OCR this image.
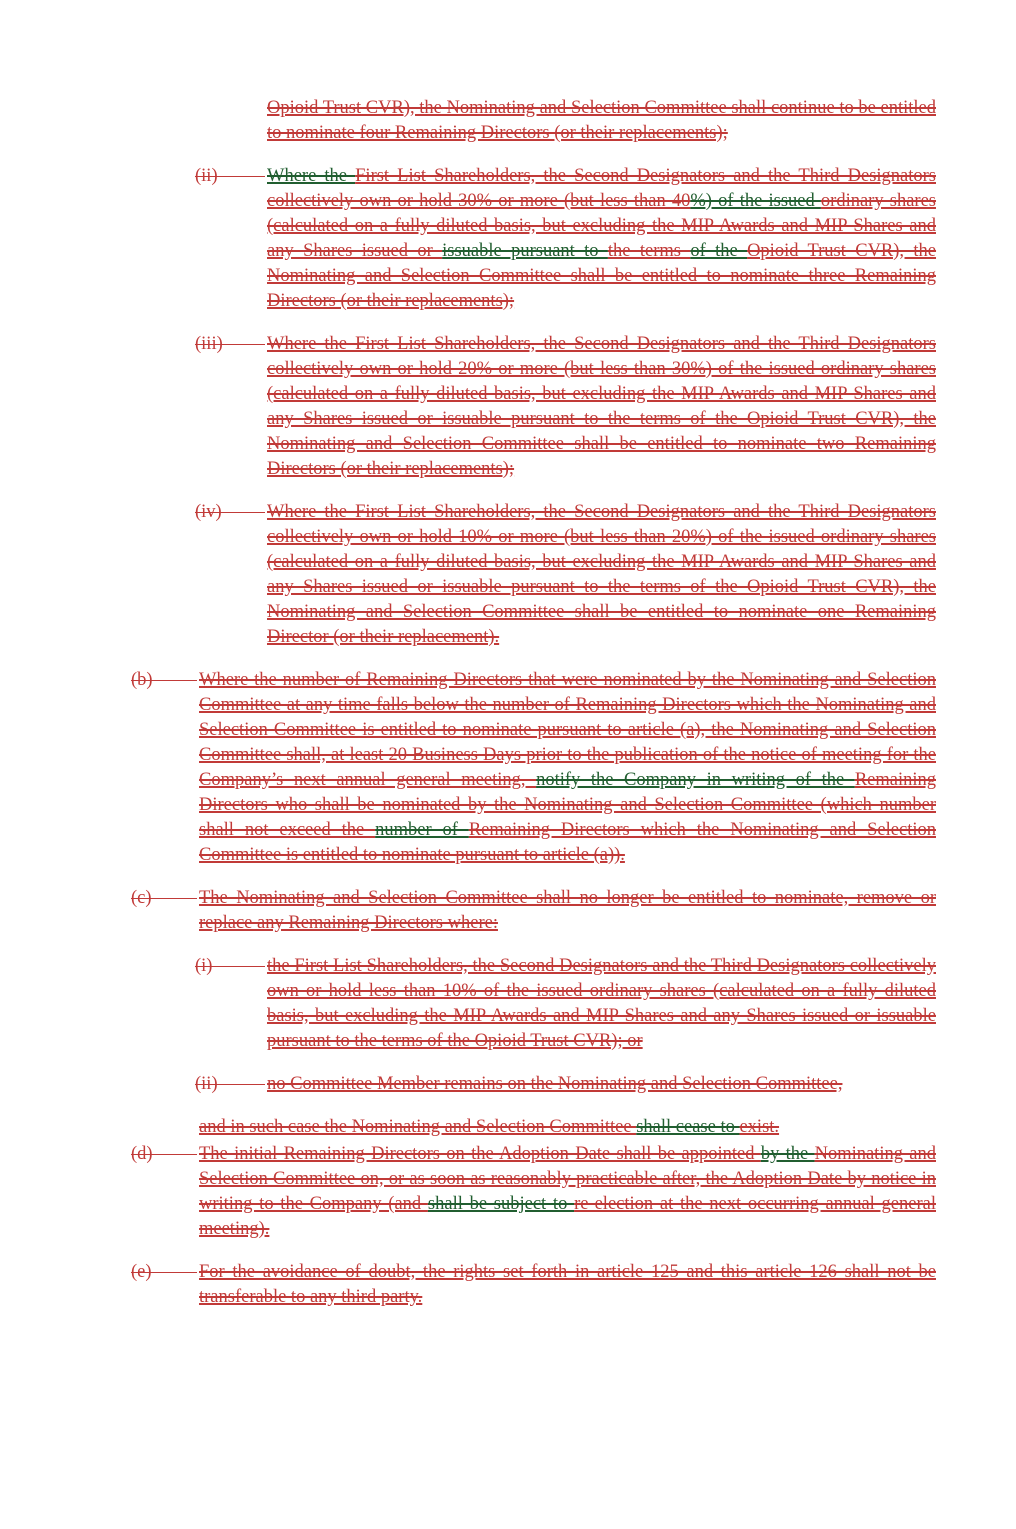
Opioid Trust CVR), the Nominating and Selection Committee shall continue to be entitled to nominate four Remaining Directors (or their replacements);
(ii)	Where the First List Shareholders, the Second Designators and the Third Designators collectively own or hold 30% or more (but less than 40%) of the issued ordinary shares (calculated on a fully diluted basis, but excluding the MIP Awards and MIP Shares and any Shares issued or issuable pursuant to the terms of the Opioid Trust CVR), the Nominating and Selection Committee shall be entitled to nominate three Remaining Directors (or their replacements);
(iii)	Where the First List Shareholders, the Second Designators and the Third Designators collectively own or hold 20% or more (but less than 30%) of the issued ordinary shares (calculated on a fully diluted basis, but excluding the MIP Awards and MIP Shares and any Shares issued or issuable pursuant to the terms of the Opioid Trust CVR), the Nominating and Selection Committee shall be entitled to nominate two Remaining Directors (or their replacements);
(iv)	Where the First List Shareholders, the Second Designators and the Third Designators collectively own or hold 10% or more (but less than 20%) of the issued ordinary shares (calculated on a fully diluted basis, but excluding the MIP Awards and MIP Shares and any Shares issued or issuable pursuant to the terms of the Opioid Trust CVR), the Nominating and Selection Committee shall be entitled to nominate one Remaining Director (or their replacement).
(b)	Where the number of Remaining Directors that were nominated by the Nominating and Selection Committee at any time falls below the number of Remaining Directors which the Nominating and Selection Committee is entitled to nominate pursuant to article (a), the Nominating and Selection Committee shall, at least 20 Business Days prior to the publication of the notice of meeting for the Company’s next annual general meeting, notify the Company in writing of the Remaining Directors who shall be nominated by the Nominating and Selection Committee (which number shall not exceed the number of Remaining Directors which the Nominating and Selection Committee is entitled to nominate pursuant to article (a)).
(c)	The Nominating and Selection Committee shall no longer be entitled to nominate, remove or replace any Remaining Directors where:
(i)	the First List Shareholders, the Second Designators and the Third Designators collectively own or hold less than 10% of the issued ordinary shares (calculated on a fully diluted basis, but excluding the MIP Awards and MIP Shares and any Shares issued or issuable pursuant to the terms of the Opioid Trust CVR); or
(ii)	no Committee Member remains on the Nominating and Selection Committee,
and in such case the Nominating and Selection Committee shall cease to exist.
(d)	The initial Remaining Directors on the Adoption Date shall be appointed by the Nominating and Selection Committee on, or as soon as reasonably practicable after, the Adoption Date by notice in writing to the Company (and shall be subject to re-election at the next occurring annual general meeting).
(e)	For the avoidance of doubt, the rights set forth in article 125 and this article 126 shall not be transferable to any third party.
